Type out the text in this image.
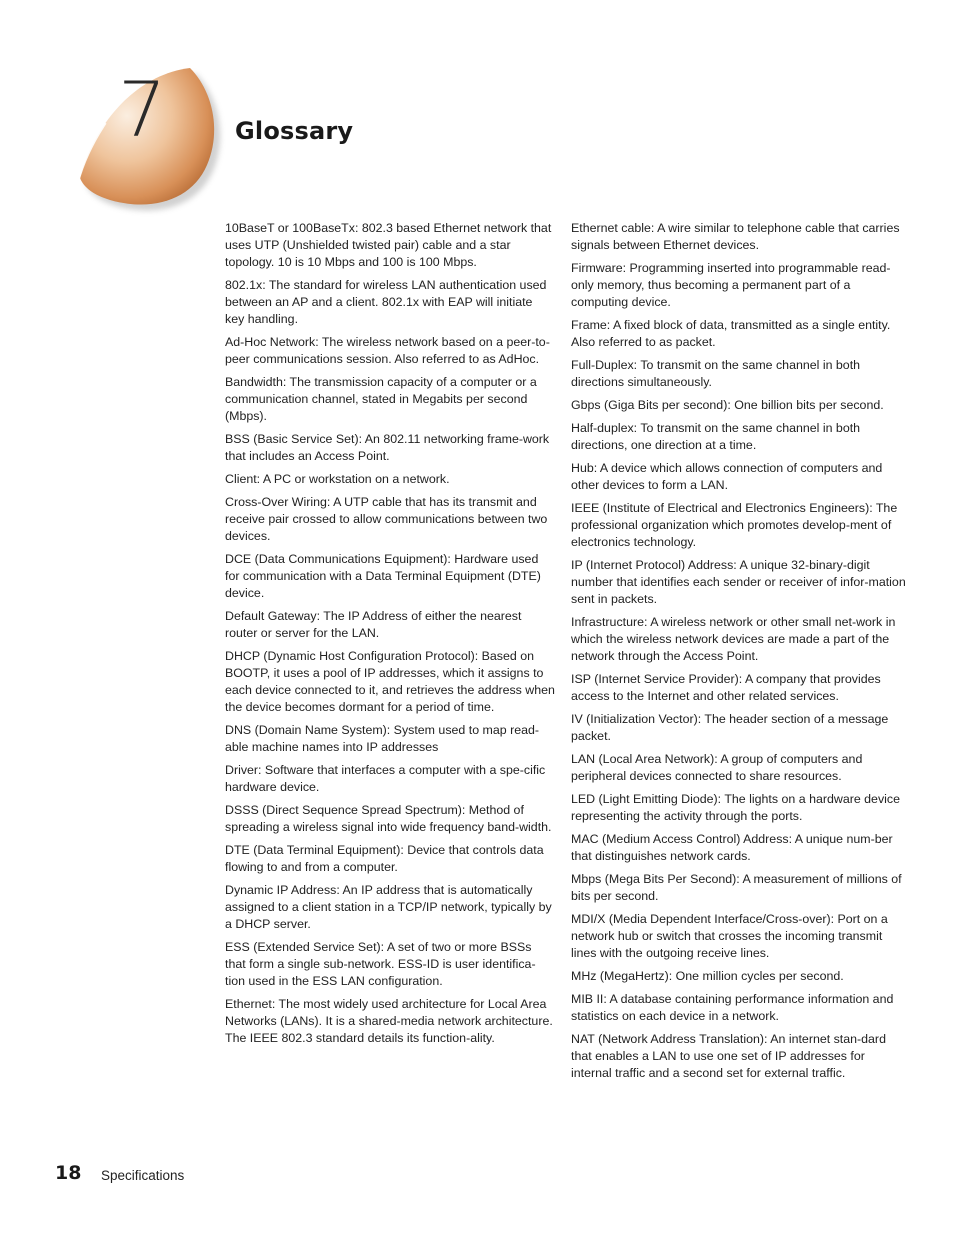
7	Glossary

10BaseT or 100BaseTx: 802.3 based Ethernet network that uses UTP (Unshielded twisted pair) cable and a star topology. 10 is 10 Mbps and 100 is 100 Mbps.

802.1x: The standard for wireless LAN authentication used between an AP and a client. 802.1x with EAP will initiate key handling.

Ad-Hoc Network: The wireless network based on a peer-to-peer communications session. Also referred to as AdHoc.

Bandwidth: The transmission capacity of a computer or a communication channel, stated in Megabits per second (Mbps).

BSS (Basic Service Set): An 802.11 networking frame-work that includes an Access Point.

Client: A PC or workstation on a network.

Cross-Over Wiring: A UTP cable that has its transmit and receive pair crossed to allow communications between two devices.

DCE (Data Communications Equipment): Hardware used for communication with a Data Terminal Equipment (DTE) device.

Default Gateway: The IP Address of either the nearest router or server for the LAN.

DHCP (Dynamic Host Configuration Protocol): Based on BOOTP, it uses a pool of IP addresses, which it assigns to each device connected to it, and retrieves the address when the device becomes dormant for a period of time.

DNS (Domain Name System): System used to map read-able machine names into IP addresses

Driver: Software that interfaces a computer with a spe-cific hardware device.

DSSS (Direct Sequence Spread Spectrum): Method of spreading a wireless signal into wide frequency band-width.

DTE (Data Terminal Equipment): Device that controls data flowing to and from a computer.

Dynamic IP Address: An IP address that is automatically assigned to a client station in a TCP/IP network, typically by a DHCP server.

ESS (Extended Service Set): A set of two or more BSSs that form a single sub-network. ESS-ID is user identifica-tion used in the ESS LAN configuration.

Ethernet: The most widely used architecture for Local Area Networks (LANs). It is a shared-media network architecture. The IEEE 802.3 standard details its function-ality.

Ethernet cable: A wire similar to telephone cable that carries signals between Ethernet devices.

Firmware: Programming inserted into programmable read-only memory, thus becoming a permanent part of a computing device.

Frame: A fixed block of data, transmitted as a single entity. Also referred to as packet.

Full-Duplex: To transmit on the same channel in both directions simultaneously.

Gbps (Giga Bits per second): One billion bits per second.

Half-duplex: To transmit on the same channel in both directions, one direction at a time.

Hub: A device which allows connection of computers and other devices to form a LAN.

IEEE (Institute of Electrical and Electronics Engineers): The professional organization which promotes develop-ment of electronics technology.

IP (Internet Protocol) Address: A unique 32-binary-digit number that identifies each sender or receiver of infor-mation sent in packets.

Infrastructure: A wireless network or other small net-work in which the wireless network devices are made a part of the network through the Access Point.

ISP (Internet Service Provider): A company that provides access to the Internet and other related services.

IV (Initialization Vector): The header section of a message packet.

LAN (Local Area Network): A group of computers and peripheral devices connected to share resources.

LED (Light Emitting Diode): The lights on a hardware device representing the activity through the ports.

MAC (Medium Access Control) Address: A unique num-ber that distinguishes network cards.

Mbps (Mega Bits Per Second): A measurement of millions of bits per second.

MDI/X (Media Dependent Interface/Cross-over): Port on a network hub or switch that crosses the incoming transmit lines with the outgoing receive lines.

MHz (MegaHertz): One million cycles per second.

MIB II: A database containing performance information and statistics on each device in a network.

NAT (Network Address Translation): An internet stan-dard that enables a LAN to use one set of IP addresses for internal traffic and a second set for external traffic.

18 Specifications
